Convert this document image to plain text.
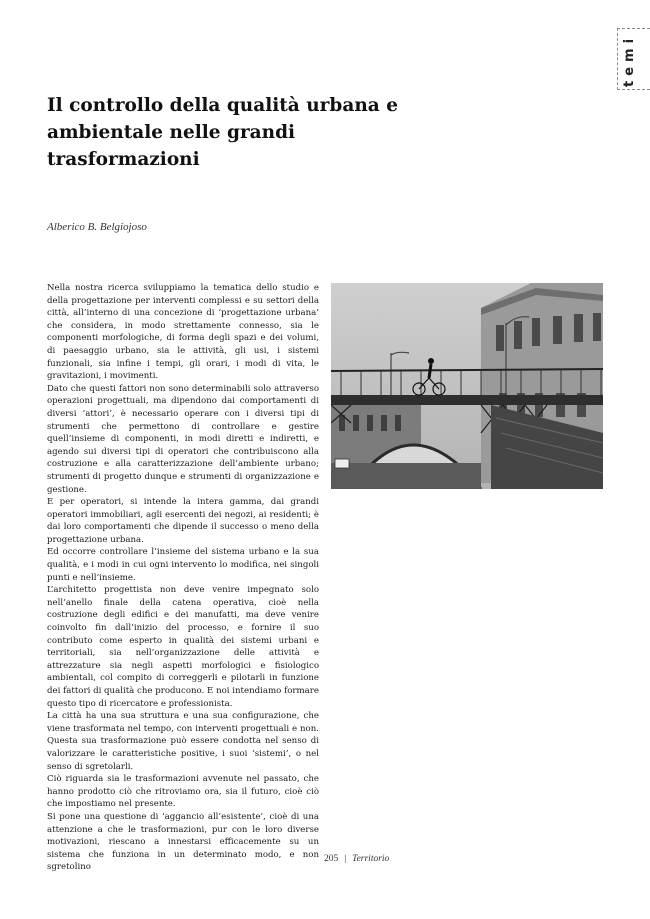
temi
Il controllo della qualità urbana e ambientale nelle grandi trasformazioni
Alberico B. Belgiojoso

Nella nostra ricerca sviluppiamo la tematica dello studio e della progettazione per interventi complessi e su settori della città, all’interno di una concezione di ‘progettazione urbana’ che considera, in modo strettamente connesso, sia le componenti morfologiche, di forma degli spazi e dei volumi, di paesaggio urbano, sia le attività, gli usi, i sistemi funzionali, sia infine i tempi, gli orari, i modi di vita, le gravitazioni, i movimenti.

Dato che questi fattori non sono determinabili solo attraverso operazioni progettuali, ma dipendono dai comportamenti di diversi ‘attori’, è necessario operare con i diversi tipi di strumenti che permettono di controllare e gestire quell’insieme di componenti, in modi diretti e indiretti, e agendo sui diversi tipi di operatori che contribuiscono alla costruzione e alla caratterizzazione dell’ambiente urbano; strumenti di progetto dunque e strumenti di organizzazione e gestione.

E per operatori, si intende la intera gamma, dai grandi operatori immobiliari, agli esercenti dei negozi, ai residenti; è dai loro comportamenti che dipende il successo o meno della progettazione urbana.

Ed occorre controllare l’insieme del sistema urbano e la sua qualità, e i modi in cui ogni intervento lo modifica, nei singoli punti e nell’insieme.

L’architetto progettista non deve venire impegnato solo nell’anello finale della catena operativa, cioè nella costruzione degli edifici e dei manufatti, ma deve venire coinvolto fin dall’inizio del processo, e fornire il suo contributo come esperto in qualità dei sistemi urbani e territoriali, sia nell’organizzazione delle attività e attrezzature sia negli aspetti morfologici e fisiologico ambientali, col compito di correggerli e pilotarli in funzione dei fattori di qualità che producono. E noi intendiamo formare questo tipo di ricercatore e professionista.

La città ha una sua struttura e una sua configurazione, che viene trasformata nel tempo, con interventi progettuali e non. Questa sua trasformazione può essere condotta nel senso di valorizzare le caratteristiche positive, i suoi ‘sistemi’, o nel senso di sgretolarli.

Ciò riguarda sia le trasformazioni avvenute nel passato, che hanno prodotto ciò che ritroviamo ora, sia il futuro, cioè ciò che impostiamo nel presente.

Si pone una questione di ‘aggancio all’esistente’, cioè di una attenzione a che le trasformazioni, pur con le loro diverse motivazioni, riescano a innestarsi efficacemente su un sistema che funziona in un determinato modo, e non sgretolino

205 | Territorio
